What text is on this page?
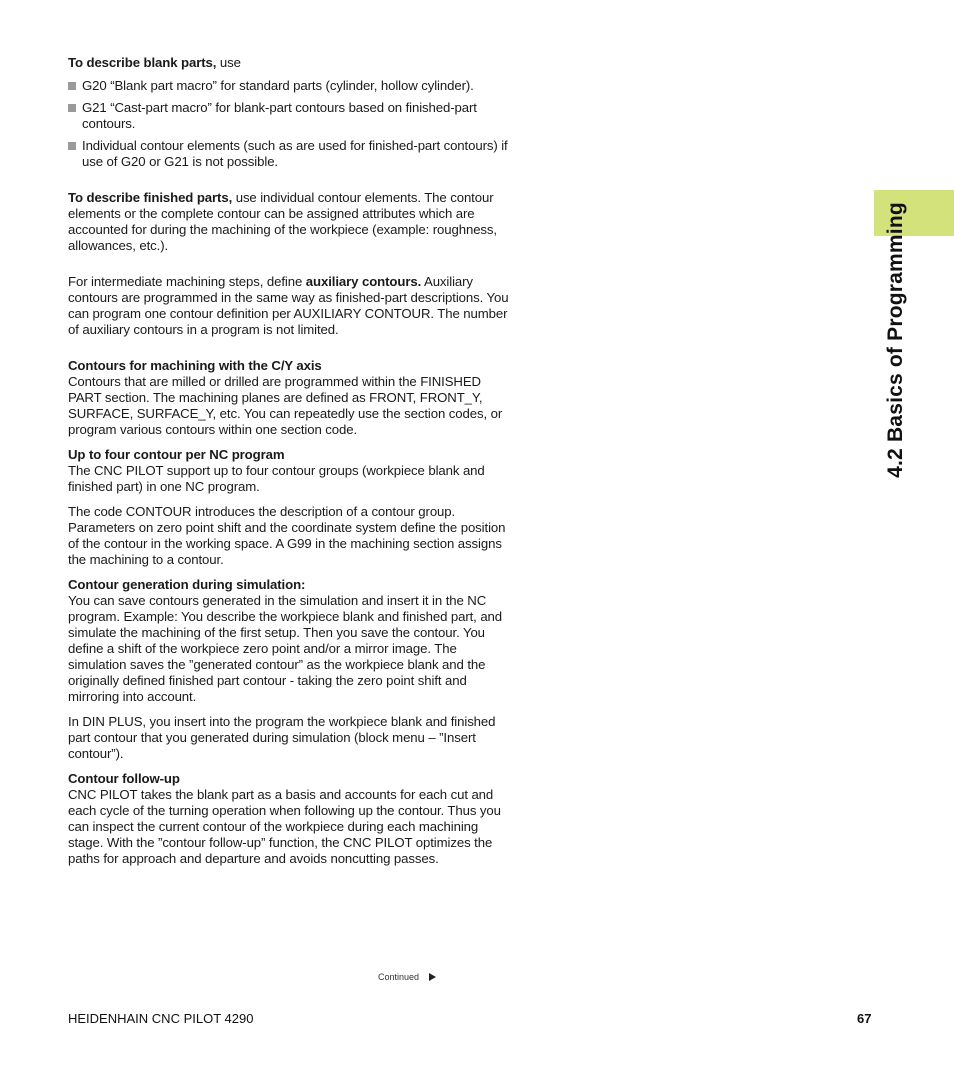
4.2 Basics of Programming

To describe blank parts, use

G20 “Blank part macro” for standard parts (cylinder, hollow cylinder).
G21 “Cast-part macro” for blank-part contours based on finished-part contours.
Individual contour elements (such as are used for finished-part contours) if use of G20 or G21 is not possible.

To describe finished parts, use individual contour elements. The contour elements or the complete contour can be assigned attributes which are accounted for during the machining of the workpiece (example: roughness, allowances, etc.).

For intermediate machining steps, define auxiliary contours. Auxiliary contours are programmed in the same way as finished-part descriptions. You can program one contour definition per AUXILIARY CONTOUR. The number of auxiliary contours in a program is not limited.

Contours for machining with the C/Y axis

Contours that are milled or drilled are programmed within the FINISHED PART section. The machining planes are defined as FRONT, FRONT_Y, SURFACE, SURFACE_Y, etc. You can repeatedly use the section codes, or program various contours within one section code.

Up to four contour per NC program

The CNC PILOT support up to four contour groups (workpiece blank and finished part) in one NC program.

The code CONTOUR introduces the description of a contour group. Parameters on zero point shift and the coordinate system define the position of the contour in the working space. A G99 in the machining section assigns the machining to a contour.

Contour generation during simulation:

You can save contours generated in the simulation and insert it in the NC program. Example: You describe the workpiece blank and finished part, and simulate the machining of the first setup. Then you save the contour. You define a shift of the workpiece zero point and/or a mirror image. The simulation saves the ”generated contour” as the workpiece blank and the originally defined finished part contour - taking the zero point shift and mirroring into account.

In DIN PLUS, you insert into the program the workpiece blank and finished part contour that you generated during simulation (block menu – ”Insert contour”).

Contour follow-up

CNC PILOT takes the blank part as a basis and accounts for each cut and each cycle of the turning operation when following up the contour. Thus you can inspect the current contour of the workpiece during each machining stage. With the ”contour follow-up” function, the CNC PILOT optimizes the paths for approach and departure and avoids noncutting passes.

Continued
HEIDENHAIN CNC PILOT 4290	67
